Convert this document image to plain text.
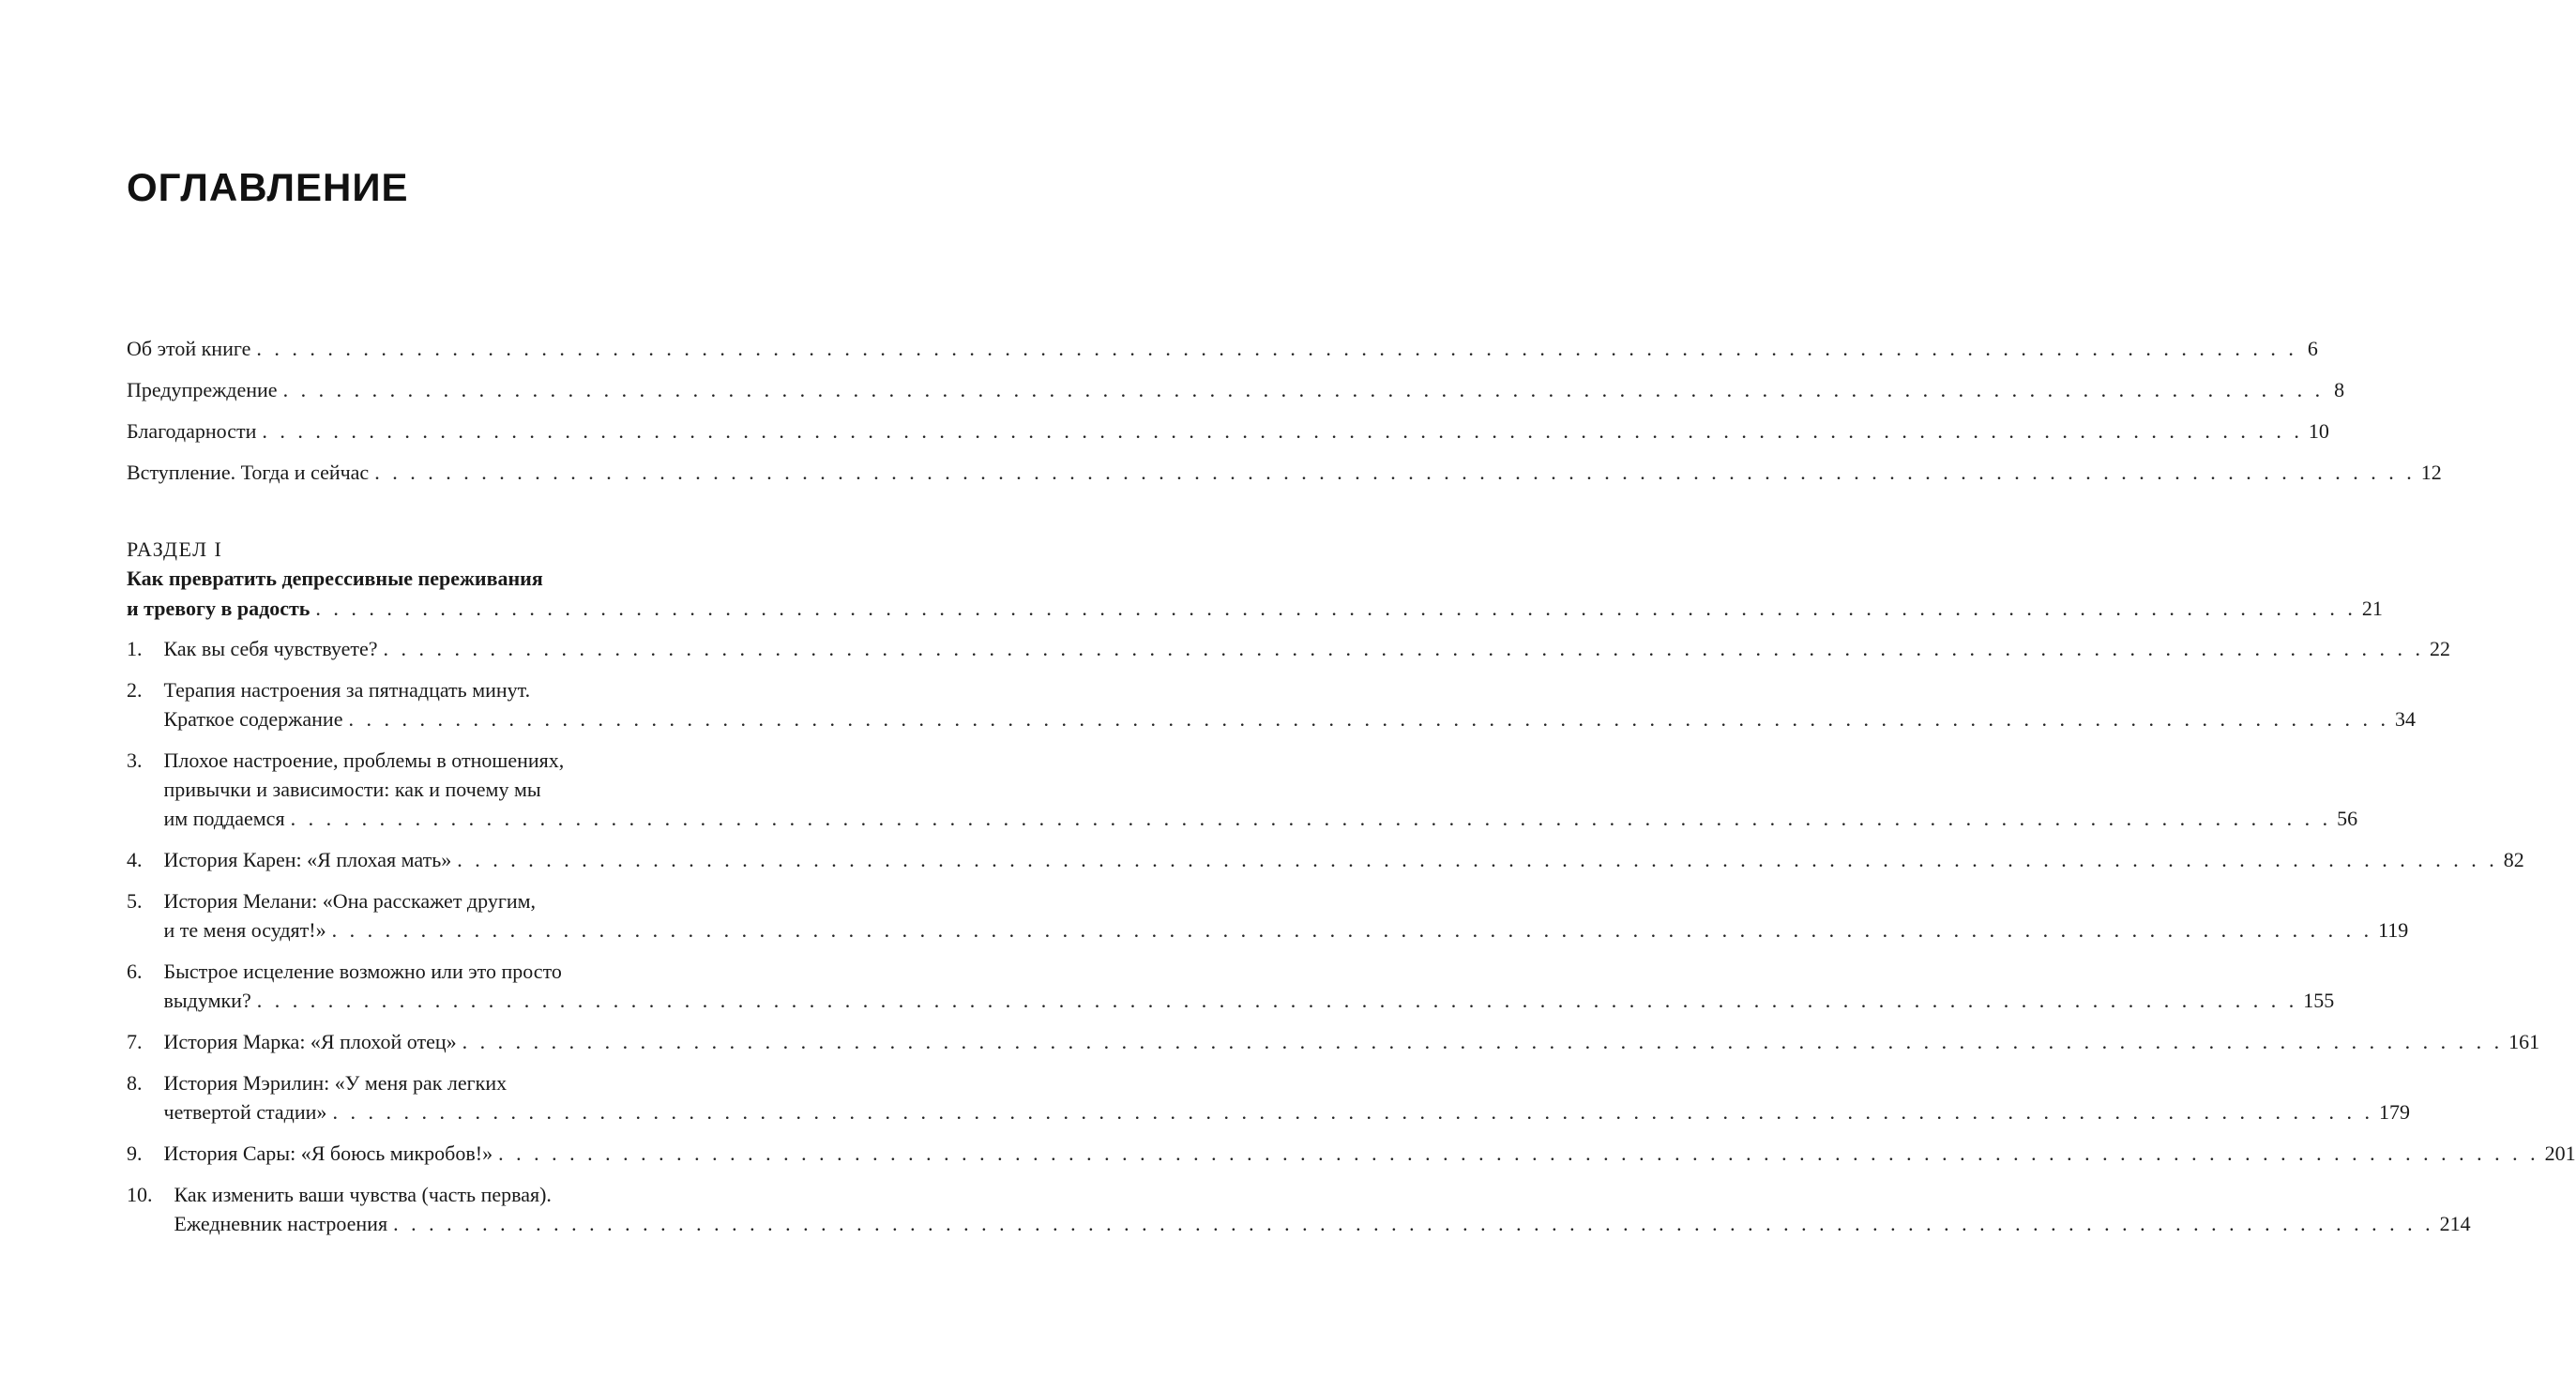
ОГЛАВЛЕНИЕ
Об этой книге . . .	6
Предупреждение . . .	8
Благодарности . . .	10
Вступление. Тогда и сейчас . . .	12
РАЗДЕЛ I
Как превратить депрессивные переживания
и тревогу в радость . . .	21
1.	Как вы себя чувствуете? . . .	22
2.	Терапия настроения за пятнадцать минут.
Краткое содержание . . .	34
3.	Плохое настроение, проблемы в отношениях,
привычки и зависимости: как и почему мы
им поддаемся . . .	56
4.	История Карен: «Я плохая мать» . . .	82
5.	История Мелани: «Она расскажет другим,
и те меня осудят!» . . .	119
6.	Быстрое исцеление возможно или это просто
выдумки? . . .	155
7.	История Марка: «Я плохой отец» . . .	161
8.	История Мэрилин: «У меня рак легких
четвертой стадии» . . .	179
9.	История Сары: «Я боюсь микробов!» . . .	201
10.	Как изменить ваши чувства (часть первая).
Ежедневник настроения . . .	214
